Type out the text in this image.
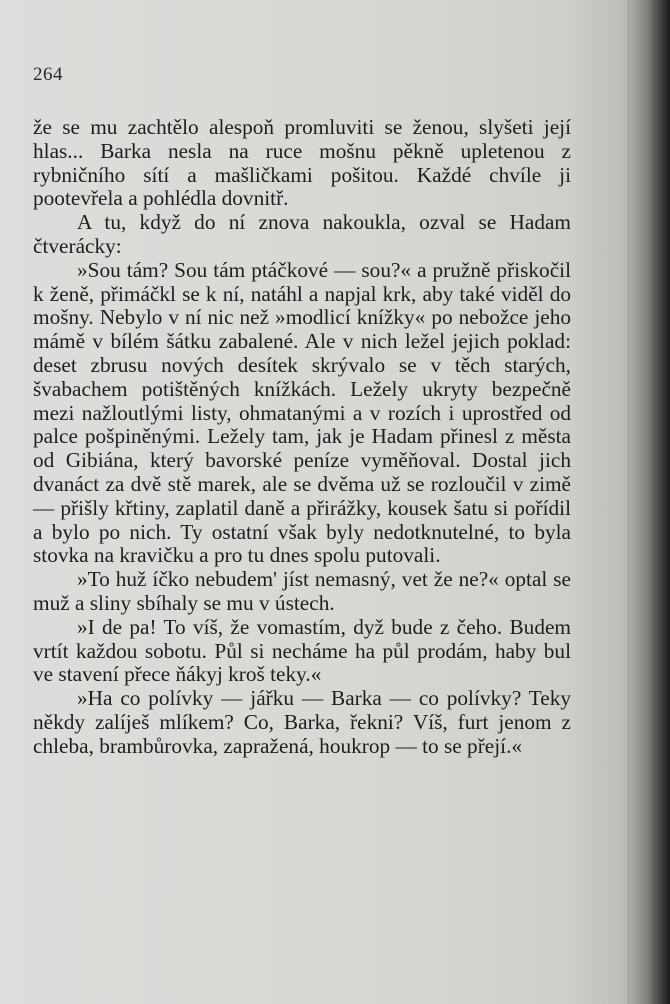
264

že se mu zachtělo alespoň promluviti se ženou, slyšeti její hlas... Barka nesla na ruce mošnu pěkně upletenou z rybničního sítí a mašličkami pošitou. Každé chvíle ji pootevřela a pohlédla dovnitř.

A tu, když do ní znova nakoukla, ozval se Hadam čtverácky:

»Sou tám? Sou tám ptáčkové — sou?« a pružně přiskočil k ženě, přimáčkl se k ní, natáhl a napjal krk, aby také viděl do mošny. Nebylo v ní nic než »modlicí knížky« po nebožce jeho mámě v bílém šátku zabalené. Ale v nich ležel jejich poklad: deset zbrusu nových desítek skrývalo se v těch starých, švabachem potištěných knížkách. Ležely ukryty bezpečně mezi nažloutlými listy, ohmatanými a v rozích i uprostřed od palce pošpiněnými. Ležely tam, jak je Hadam přinesl z města od Gibiána, který bavorské peníze vyměňoval. Dostal jich dvanáct za dvě stě marek, ale se dvěma už se rozloučil v zimě — přišly křtiny, zaplatil daně a přirážky, kousek šatu si pořídil a bylo po nich. Ty ostatní však byly nedotknutelné, to byla stovka na kravičku a pro tu dnes spolu putovali.

»To huž íčko nebudem' jíst nemasný, vet že ne?« optal se muž a sliny sbíhaly se mu v ústech.

»I de pa! To víš, že vomastím, dyž bude z čeho. Budem vrtít každou sobotu. Půl si necháme ha půl prodám, haby bul ve stavení přece ňákyj kroš teky.«

»Ha co polívky — jářku — Barka — co polívky? Teky někdy zalíješ mlíkem? Co, Barka, řekni? Víš, furt jenom z chleba, brambůrovka, zapražená, houkrop — to se přejí.«
